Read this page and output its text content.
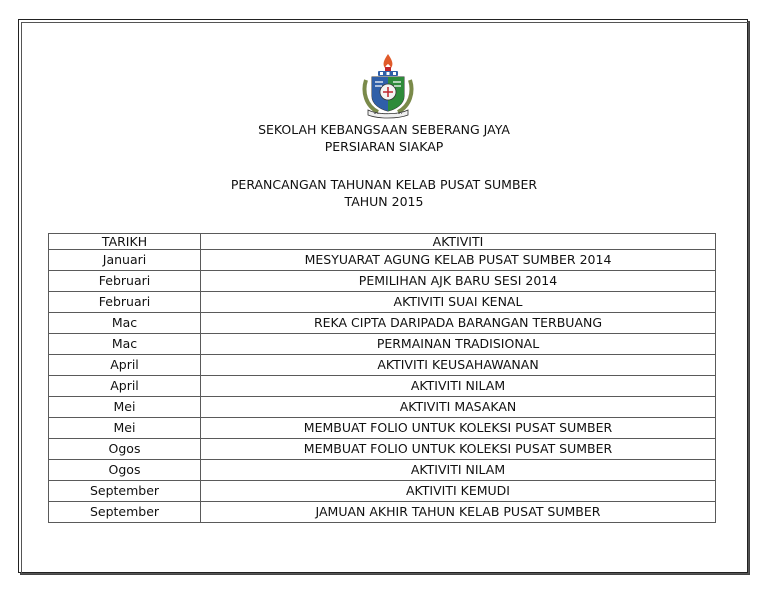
SEKOLAH KEBANGSAAN SEBERANG JAYA
PERSIARAN SIAKAP
PERANCANGAN TAHUNAN KELAB PUSAT SUMBER
TAHUN 2015
TARIKH	AKTIVITI
Januari	MESYUARAT AGUNG KELAB PUSAT SUMBER 2014
Februari	PEMILIHAN AJK BARU SESI 2014
Februari	AKTIVITI SUAI KENAL
Mac	REKA CIPTA DARIPADA BARANGAN TERBUANG
Mac	PERMAINAN TRADISIONAL
April	AKTIVITI KEUSAHAWANAN
April	AKTIVITI NILAM
Mei	AKTIVITI MASAKAN
Mei	MEMBUAT FOLIO UNTUK KOLEKSI PUSAT SUMBER
Ogos	MEMBUAT FOLIO UNTUK KOLEKSI PUSAT SUMBER
Ogos	AKTIVITI NILAM
September	AKTIVITI KEMUDI
September	JAMUAN AKHIR TAHUN KELAB PUSAT SUMBER
